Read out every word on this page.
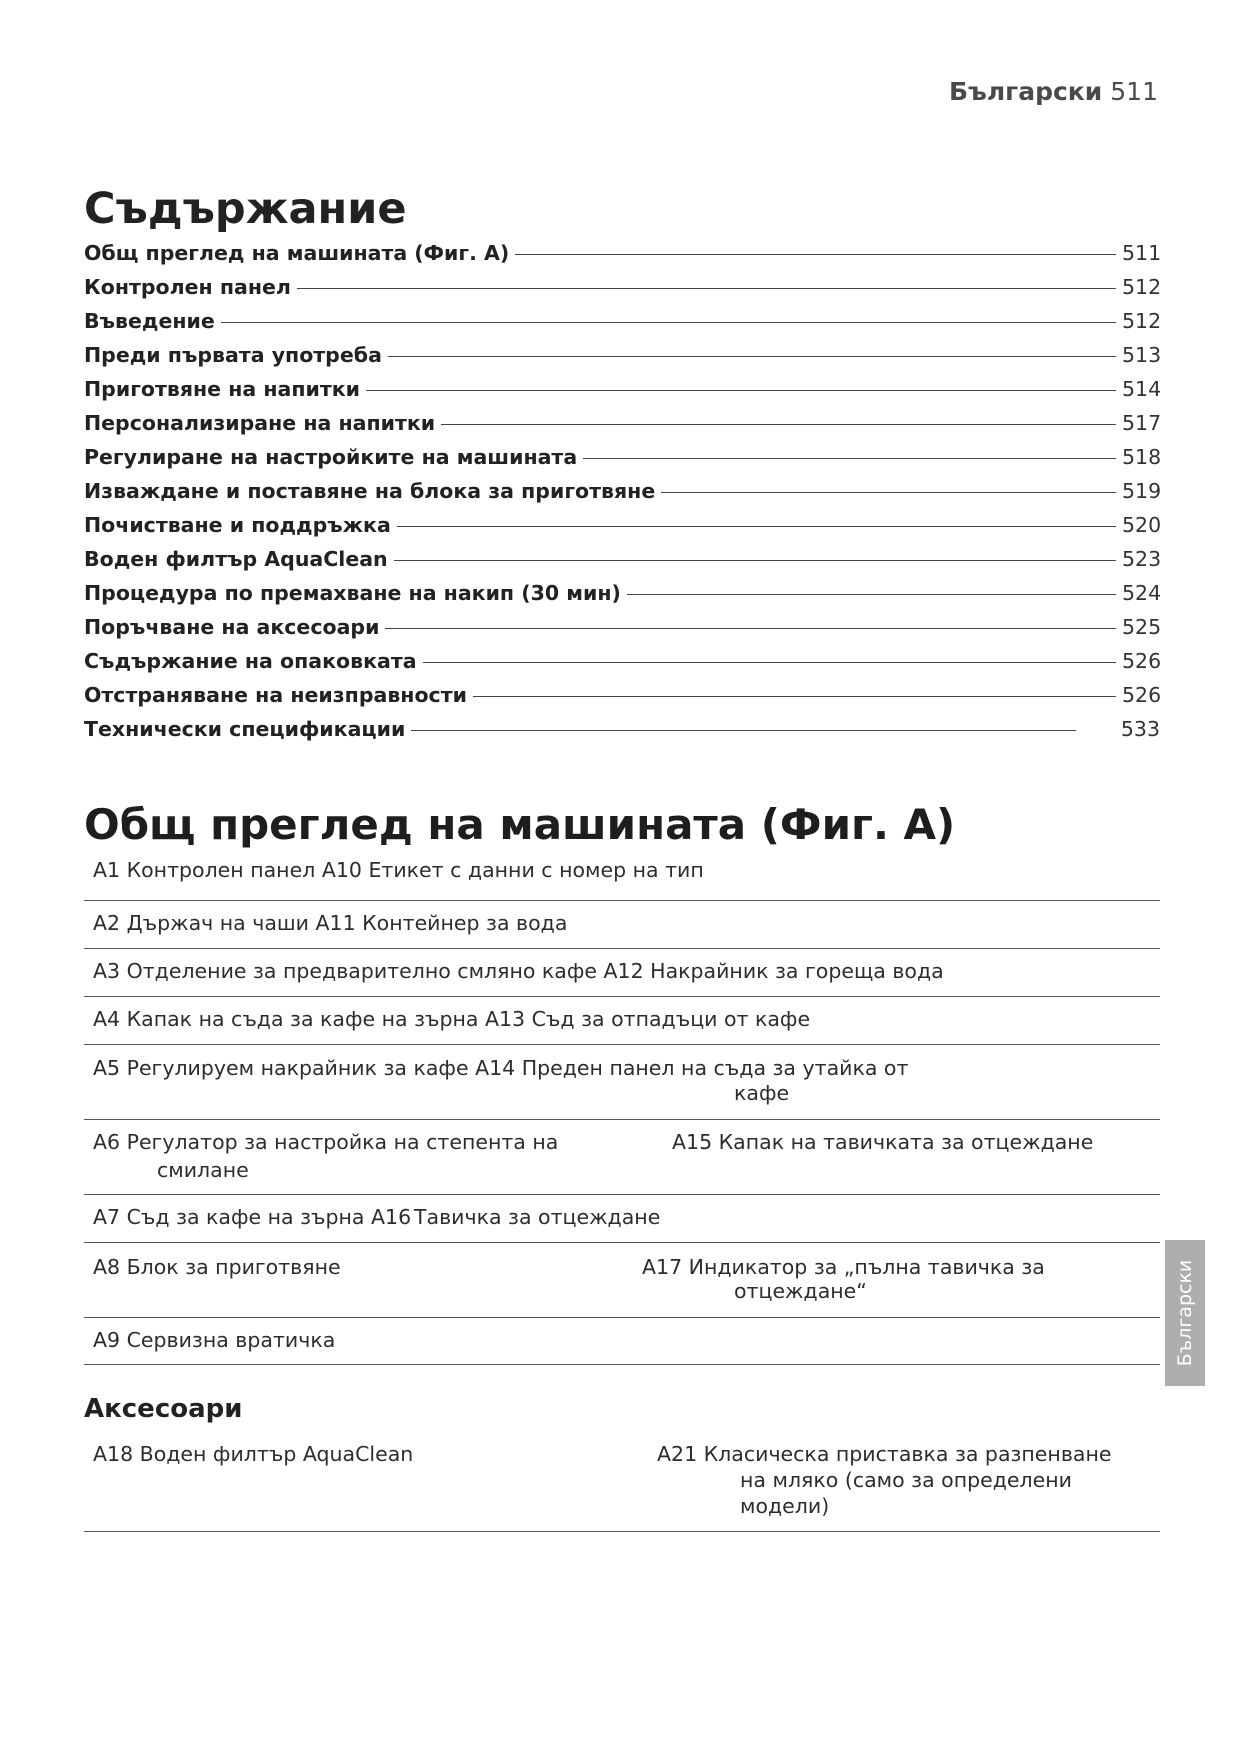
Български 511
Съдържание
Общ преглед на машината (Фиг. A)	511
Контролен панел	512
Въведение	512
Преди първата употреба	513
Приготвяне на напитки	514
Персонализиране на напитки	517
Регулиране на настройките на машината	518
Изваждане и поставяне на блока за приготвяне	519
Почистване и поддръжка	520
Воден филтър AquaClean	523
Процедура по премахване на накип (30 мин)	524
Поръчване на аксесоари	525
Съдържание на опаковката	526
Отстраняване на неизправности	526
Технически спецификации	533
Общ преглед на машината (Фиг. A)
A1 Контролен панел A10 Етикет с данни с номер на тип
A2 Държач на чаши A11 Контейнер за вода
A3 Отделение за предварително смляно кафе A12 Накрайник за гореща вода
A4 Капак на съда за кафе на зърна A13 Съд за отпадъци от кафе
A5 Регулируем накрайник за кафе A14 Преден панел на съда за утайка от
кафе
A6 Регулатор за настройка на степента на
смилане
A15 Капак на тавичката за отцеждане
A7 Съд за кафе на зърна A16 Тавичка за отцеждане
A8 Блок за приготвяне	A17 Индикатор за „пълна тавичка за
отцеждане“
A9 Сервизна вратичка
Аксесоари
A18 Воден филтър AquaClean	A21 Класическа приставка за разпенване
на мляко (само за определени
модели)
Български
